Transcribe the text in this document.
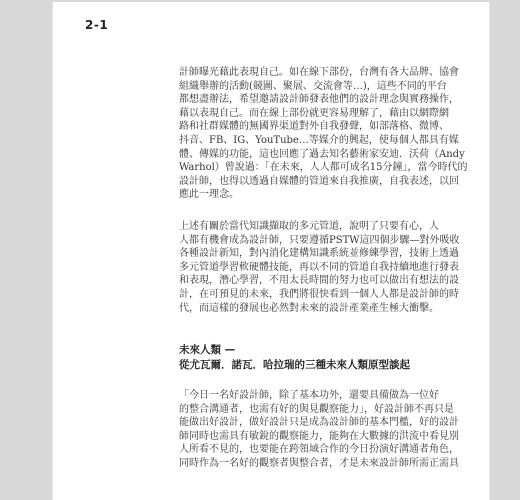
2-1

計師曝光藉此表現自己。如在線下部份，台灣有各大品牌、協會

組織舉辦的活動(競圖、聚展、交流會等…)，這些不同的平台

都想盡辦法，希望邀請設計師發表他們的設計理念與實務操作，

藉以表現自己。而在線上部份就更容易理解了，藉由以網際網

路和社群媒體的無國界渠道對外自我發聲，如部落格、微博、

抖音、FB、IG、YouTube…等媒介的興起，使每個人都具有媒

體、傳媒的功能，這也回應了過去知名藝術家安迪．沃荷（Andy

Warhol）曾說過：「在未來，人人都可成名15分鐘」，當今時代的

設計師，也得以透過自媒體的管道來自我推廣，自我表述，以回

應此一理念。

上述有關於當代知識擷取的多元管道，說明了只要有心，人

人都有機會成為設計師，只要遵循PSTW這四個步驟—對外吸收

各種設計新知，對內消化建構知識系統並修練學習，技術上透過

多元管道學習軟硬體技能，再以不同的管道自我持續地進行發表

和表現，潛心學習，不用太長時間的努力也可以做出有想法的設

計，在可預見的未來，我們將很快看到一個人人都是設計師的時

代，而這樣的發展也必然對未來的設計產業產生極大衝擊。

未來人類 —

從尤瓦爾．諾瓦．哈拉瑞的三種未來人類原型談起

「今日一名好設計師，除了基本功外，還要具備做為一位好

的整合溝通者，也需有好的與見觀察能力」，好設計師不再只是

能做出好設計，做好設計只是成為設計師的基本門檻，好的設計

師同時也需具有敏銳的觀察能力，能夠在大數據的洪流中看見別

人所看不見的，也要能在跨領域合作的今日扮演好溝通者角色，

同時作為一名好的觀察者與整合者，才是未來設計師所需正需具
